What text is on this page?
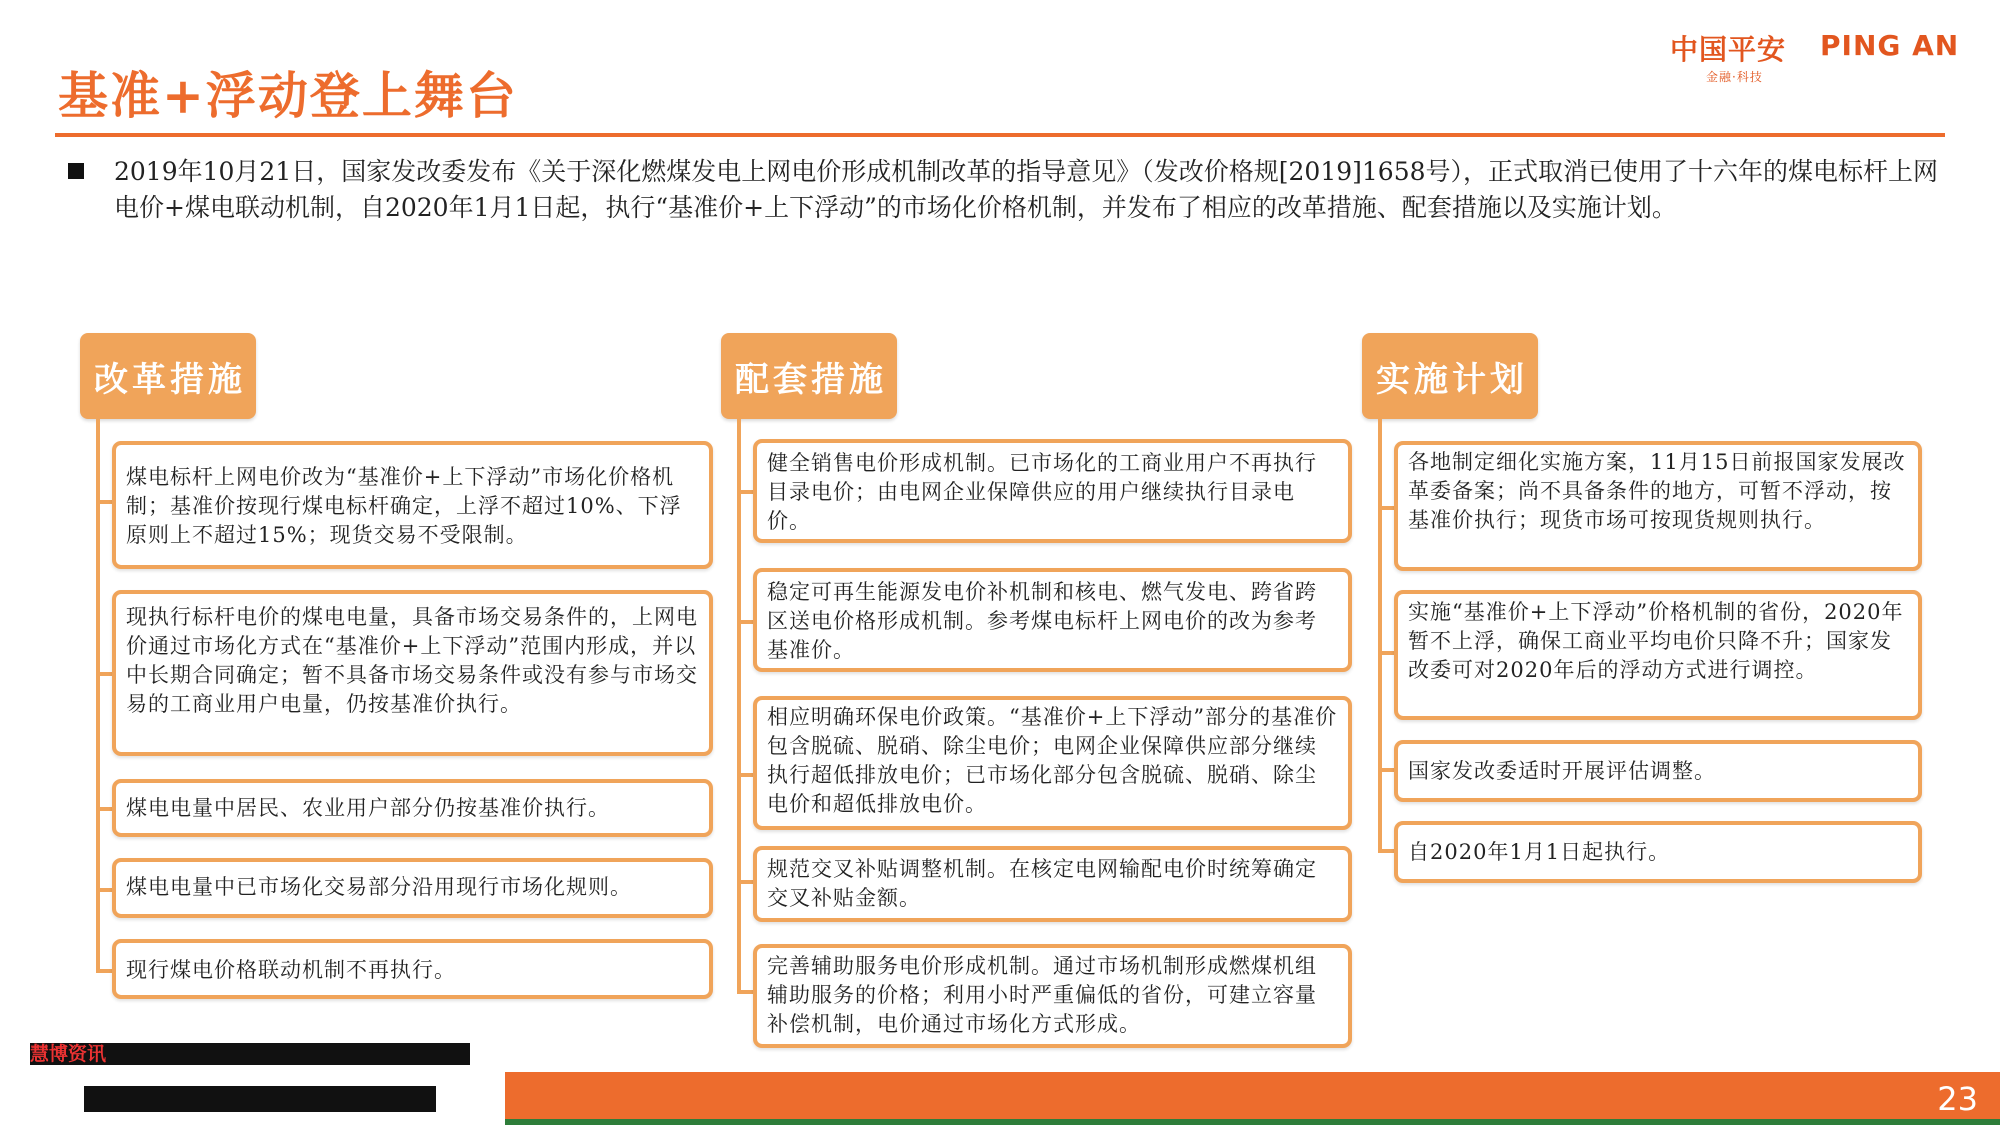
基准+浮动登上舞台
中国平安 PING AN
金融·科技
2019年10月21日，国家发改委发布《关于深化燃煤发电上网电价形成机制改革的指导意见》（发改价格规[2019]1658号），正式取消已使用了十六年的煤电标杆上网电价+煤电联动机制，自2020年1月1日起，执行“基准价+上下浮动”的市场化价格机制，并发布了相应的改革措施、配套措施以及实施计划。
改革措施
煤电标杆上网电价改为“基准价+上下浮动”市场化价格机制；基准价按现行煤电标杆确定，上浮不超过10%、下浮原则上不超过15%；现货交易不受限制。
现执行标杆电价的煤电电量，具备市场交易条件的，上网电价通过市场化方式在“基准价+上下浮动”范围内形成，并以中长期合同确定；暂不具备市场交易条件或没有参与市场交易的工商业用户电量，仍按基准价执行。
煤电电量中居民、农业用户部分仍按基准价执行。
煤电电量中已市场化交易部分沿用现行市场化规则。
现行煤电价格联动机制不再执行。
配套措施
健全销售电价形成机制。已市场化的工商业用户不再执行目录电价；由电网企业保障供应的用户继续执行目录电价。
稳定可再生能源发电价补机制和核电、燃气发电、跨省跨区送电价格形成机制。参考煤电标杆上网电价的改为参考基准价。
相应明确环保电价政策。“基准价+上下浮动”部分的基准价包含脱硫、脱硝、除尘电价；电网企业保障供应部分继续执行超低排放电价；已市场化部分包含脱硫、脱硝、除尘电价和超低排放电价。
规范交叉补贴调整机制。在核定电网输配电价时统筹确定交叉补贴金额。
完善辅助服务电价形成机制。通过市场机制形成燃煤机组辅助服务的价格；利用小时严重偏低的省份，可建立容量补偿机制，电价通过市场化方式形成。
实施计划
各地制定细化实施方案，11月15日前报国家发展改革委备案；尚不具备条件的地方，可暂不浮动，按基准价执行；现货市场可按现货规则执行。
实施“基准价+上下浮动”价格机制的省份，2020年暂不上浮，确保工商业平均电价只降不升；国家发改委可对2020年后的浮动方式进行调控。
国家发改委适时开展评估调整。
自2020年1月1日起执行。
慧博资讯
23
